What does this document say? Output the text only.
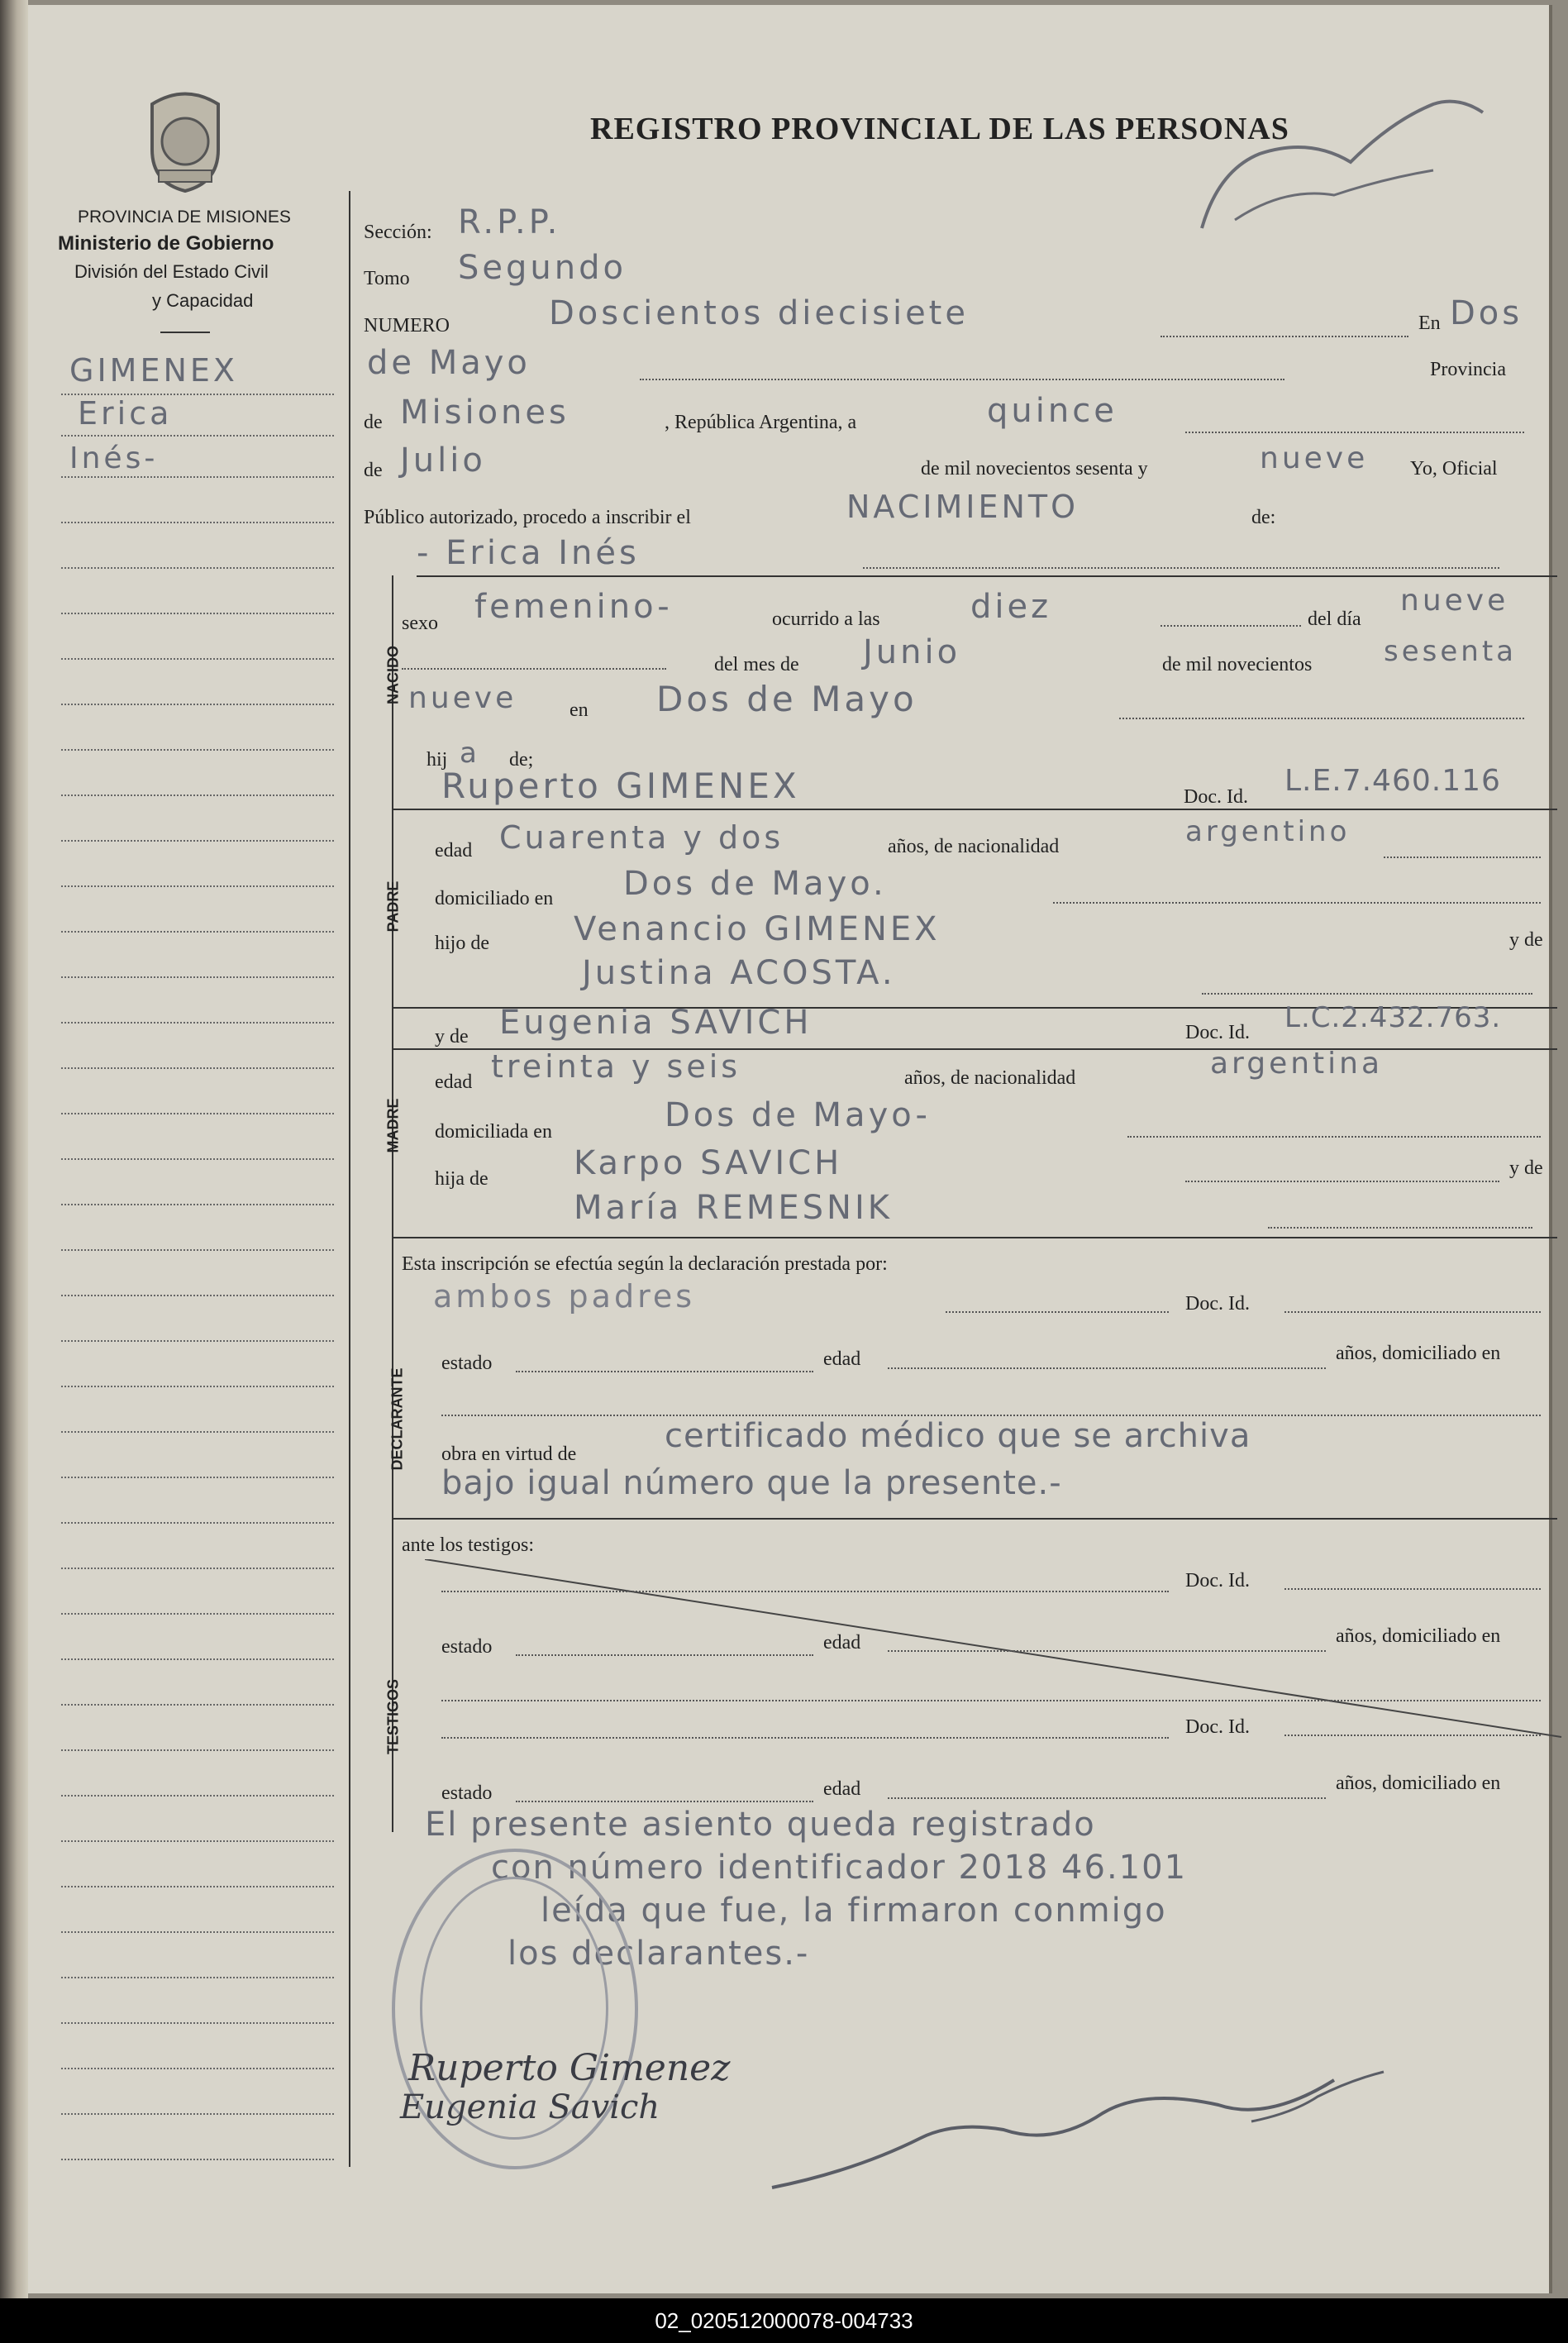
REGISTRO PROVINCIAL DE LAS PERSONAS
PROVINCIA DE MISIONES
Ministerio de Gobierno
División del Estado Civil
y Capacidad
GIMENEX
Erica
Inés-
Sección: R.P.P.
Tomo Segundo
NUMERO	Doscientos diecisiete	En Dos
de Mayo	Provincia
de Misiones	, República Argentina, a	quince
de Julio	de mil novecientos sesenta y	nueve Yo, Oficial
Público autorizado, procedo a inscribir el	NACIMIENTO	de:
- Erica Inés
NACIDO
sexo femenino-	ocurrido a las	diez	del día
nueve
del mes de Junio	de mil novecientos	sesenta
nueve	en Dos de Mayo
hij a de;
PADRE
Ruperto GIMENEX	Doc. Id. L.E.7.460.116
edad Cuarenta y dos	años, de nacionalidad	argentino
domiciliado en Dos de Mayo.
hijo de	Venancio GIMENEX	y de
Justina ACOSTA.
MADRE
y de Eugenia SAVICH	Doc. Id. L.C.2.432.763.
edad treinta y seis	años, de nacionalidad	argentina
domiciliada en	Dos de Mayo-
hija de	Karpo SAVICH	y de
María REMESNIK
Esta inscripción se efectúa según la declaración prestada por:
DECLARANTE
ambos padres	Doc. Id.
estado	edad	años, domiciliado en
obra en virtud de	certificado médico que se archiva
bajo igual número que la presente.-
ante los testigos:
TESTIGOS
Doc. Id.
estado	edad	años, domiciliado en
Doc. Id.
estado	edad	años, domiciliado en
El presente asiento queda registrado
con número identificador 2018 46.101
leída que fue, la firmaron conmigo
los declarantes.-
Ruperto Gimenez
Eugenia Savich
02_020512000078-004733
